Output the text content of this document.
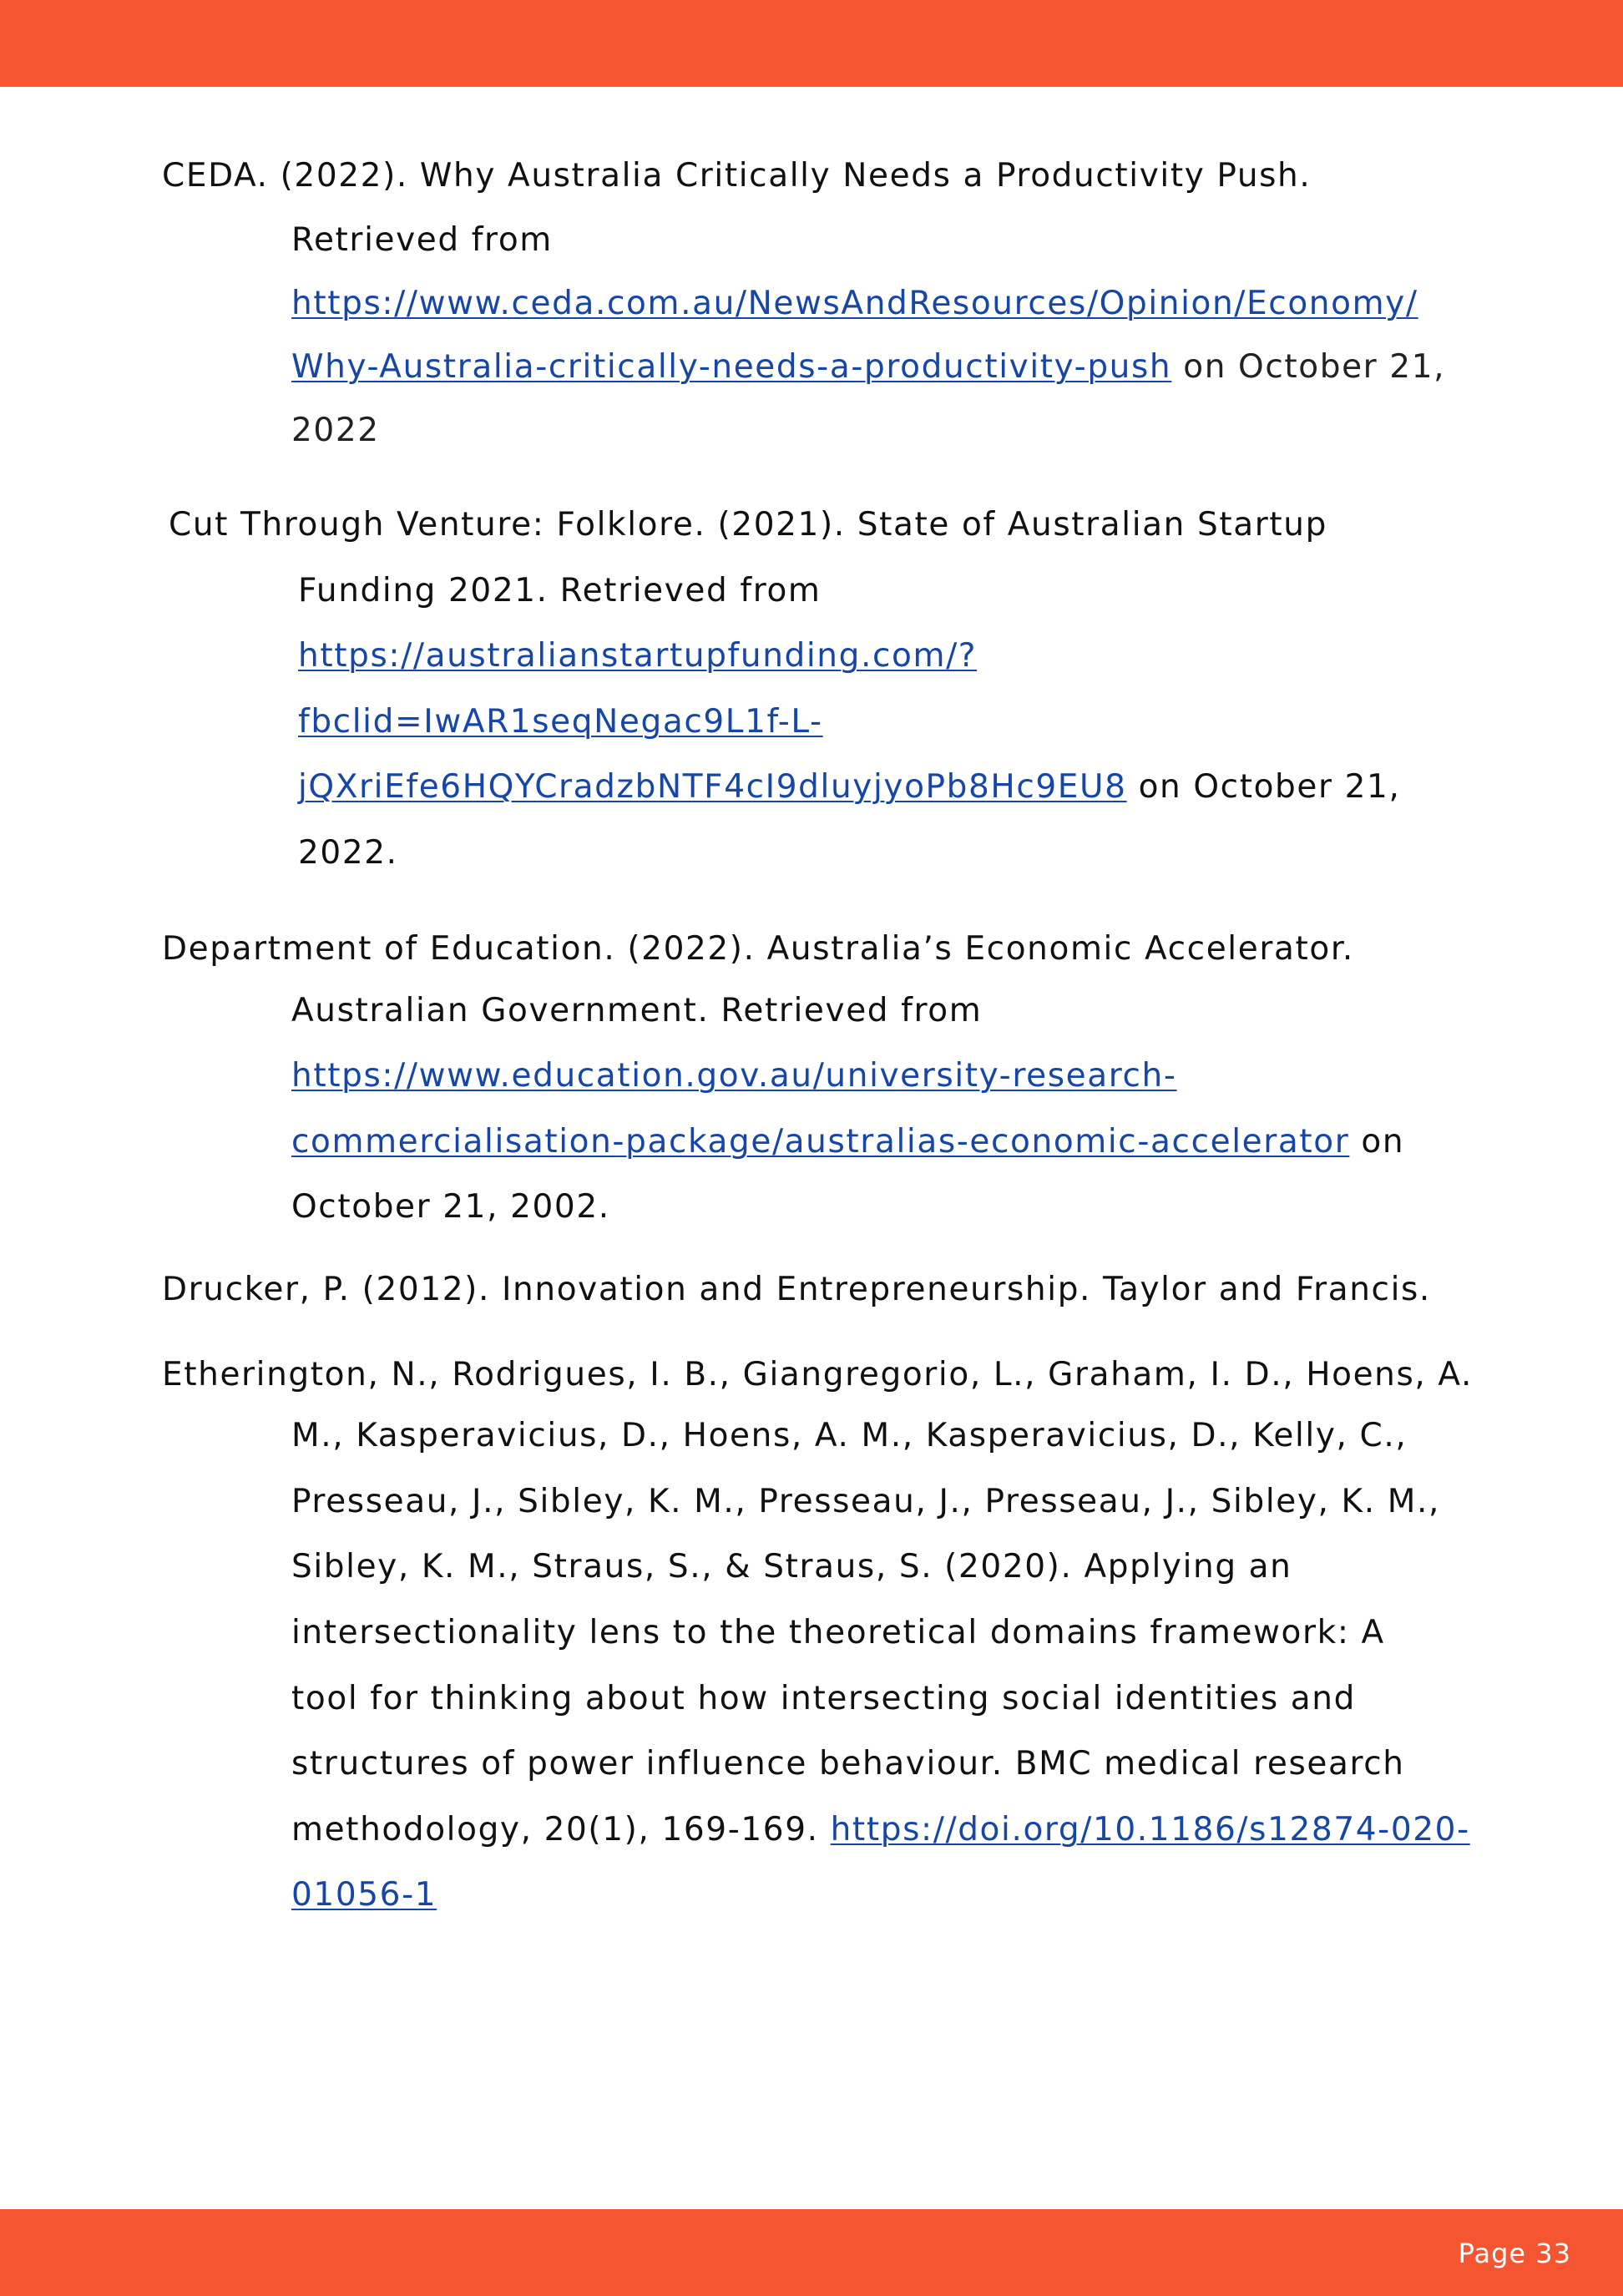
CEDA. (2022). Why Australia Critically Needs a Productivity Push.
Retrieved from
https://www.ceda.com.au/NewsAndResources/Opinion/Economy/
Why-Australia-critically-needs-a-productivity-push on October 21,
2022
Cut Through Venture: Folklore. (2021). State of Australian Startup
Funding 2021. Retrieved from
https://australianstartupfunding.com/?
fbclid=IwAR1seqNegac9L1f-L-
jQXriEfe6HQYCradzbNTF4cI9dluyjyoPb8Hc9EU8 on October 21,
2022.
Department of Education. (2022). Australia’s Economic Accelerator.
Australian Government. Retrieved from
https://www.education.gov.au/university-research-
commercialisation-package/australias-economic-accelerator on
October 21, 2002.
Drucker, P. (2012). Innovation and Entrepreneurship. Taylor and Francis.
Etherington, N., Rodrigues, I. B., Giangregorio, L., Graham, I. D., Hoens, A.
M., Kasperavicius, D., Hoens, A. M., Kasperavicius, D., Kelly, C.,
Presseau, J., Sibley, K. M., Presseau, J., Presseau, J., Sibley, K. M.,
Sibley, K. M., Straus, S., & Straus, S. (2020). Applying an
intersectionality lens to the theoretical domains framework: A
tool for thinking about how intersecting social identities and
structures of power influence behaviour. BMC medical research
methodology, 20(1), 169-169. https://doi.org/10.1186/s12874-020-
01056-1
Page 33
